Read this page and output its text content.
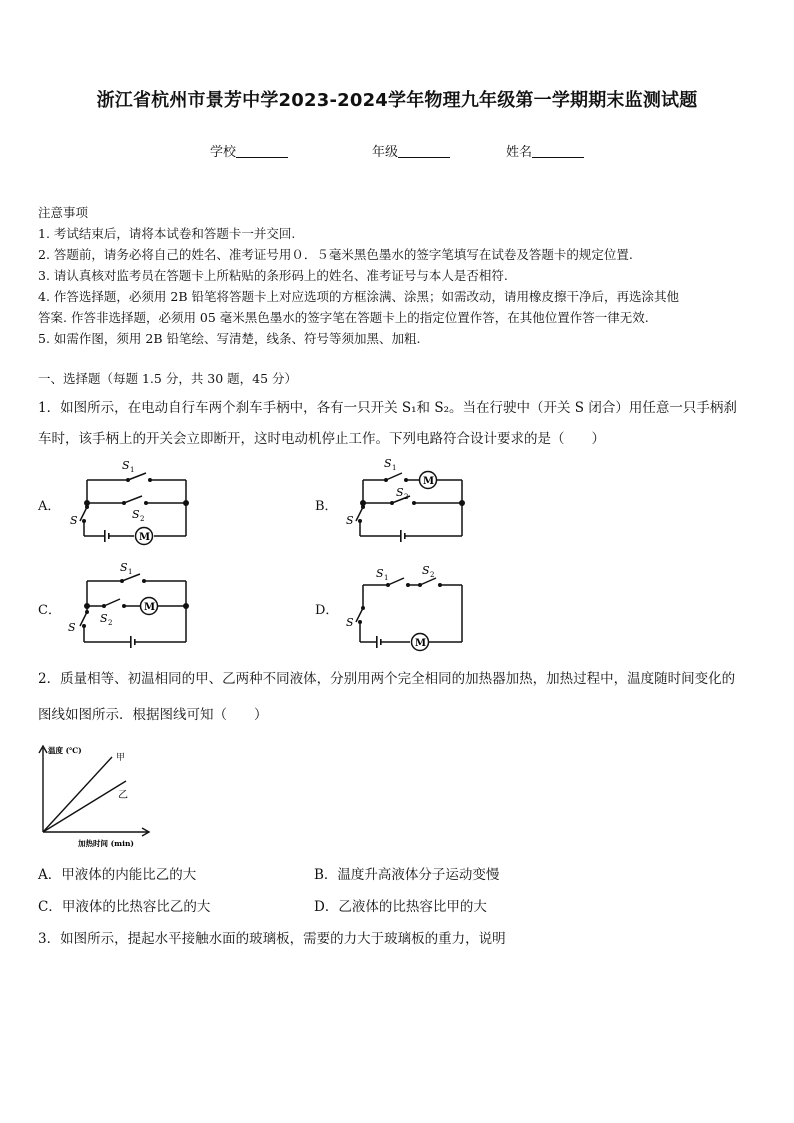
浙江省杭州市景芳中学2023-2024学年物理九年级第一学期期末监测试题
学校	年级	姓名
注意事项
1. 考试结束后，请将本试卷和答题卡一并交回.
2. 答题前，请务必将自己的姓名、准考证号用０．５毫米黑色墨水的签字笔填写在试卷及答题卡的规定位置.
3. 请认真核对监考员在答题卡上所粘贴的条形码上的姓名、准考证号与本人是否相符.
4. 作答选择题，必须用 2B 铅笔将答题卡上对应选项的方框涂满、涂黑；如需改动，请用橡皮擦干净后，再选涂其他
答案. 作答非选择题，必须用 05 毫米黑色墨水的签字笔在答题卡上的指定位置作答，在其他位置作答一律无效.
5. 如需作图，须用 2B 铅笔绘、写清楚，线条、符号等须加黑、加粗.
一、选择题（每题 1.5 分，共 30 题，45 分）
1．如图所示，在电动自行车两个刹车手柄中，各有一只开关 S₁和 S₂。当在行驶中（开关 S 闭合）用任意一只手柄刹
车时，该手柄上的开关会立即断开，这时电动机停止工作。下列电路符合设计要求的是（　　）
A．	B．
C．	D．
S 1
S 2
S
M
S 1
S 2
S
M
S 1
S 2
S
M
S 1
S 2
S
M
2．质量相等、初温相同的甲、乙两种不同液体，分别用两个完全相同的加热器加热，加热过程中，温度随时间变化的
图线如图所示．根据图线可知（　　）
温度 (℃)
加热时间 (min)
甲
乙
A．甲液体的内能比乙的大	B．温度升高液体分子运动变慢
C．甲液体的比热容比乙的大	D．乙液体的比热容比甲的大
3．如图所示，提起水平接触水面的玻璃板，需要的力大于玻璃板的重力，说明
